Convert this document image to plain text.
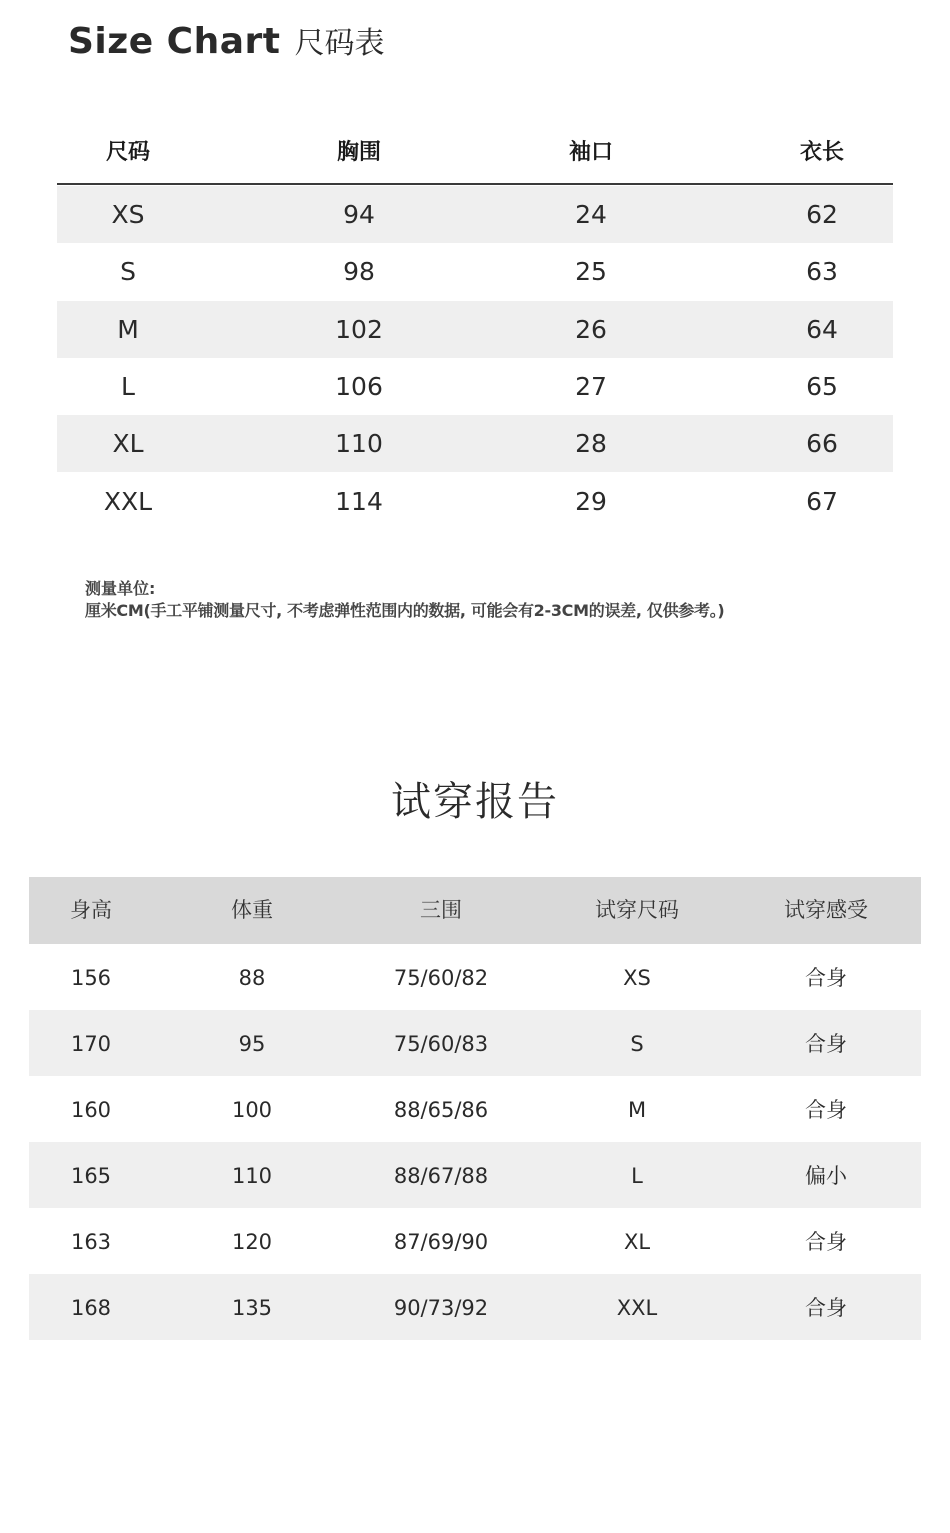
Size Chart 尺码表
尺码	胸围	袖口	衣长
XS	94	24	62
S	98	25	63
M	102	26	64
L	106	27	65
XL	110	28	66
XXL	114	29	67
测量单位:
厘米CM(手工平铺测量尺寸, 不考虑弹性范围内的数据, 可能会有2-3CM的误差, 仅供参考。)
试穿报告
身高	体重	三围	试穿尺码	试穿感受
156	88	75/60/82	XS	合身
170	95	75/60/83	S	合身
160	100	88/65/86	M	合身
165	110	88/67/88	L	偏小
163	120	87/69/90	XL	合身
168	135	90/73/92	XXL	合身
